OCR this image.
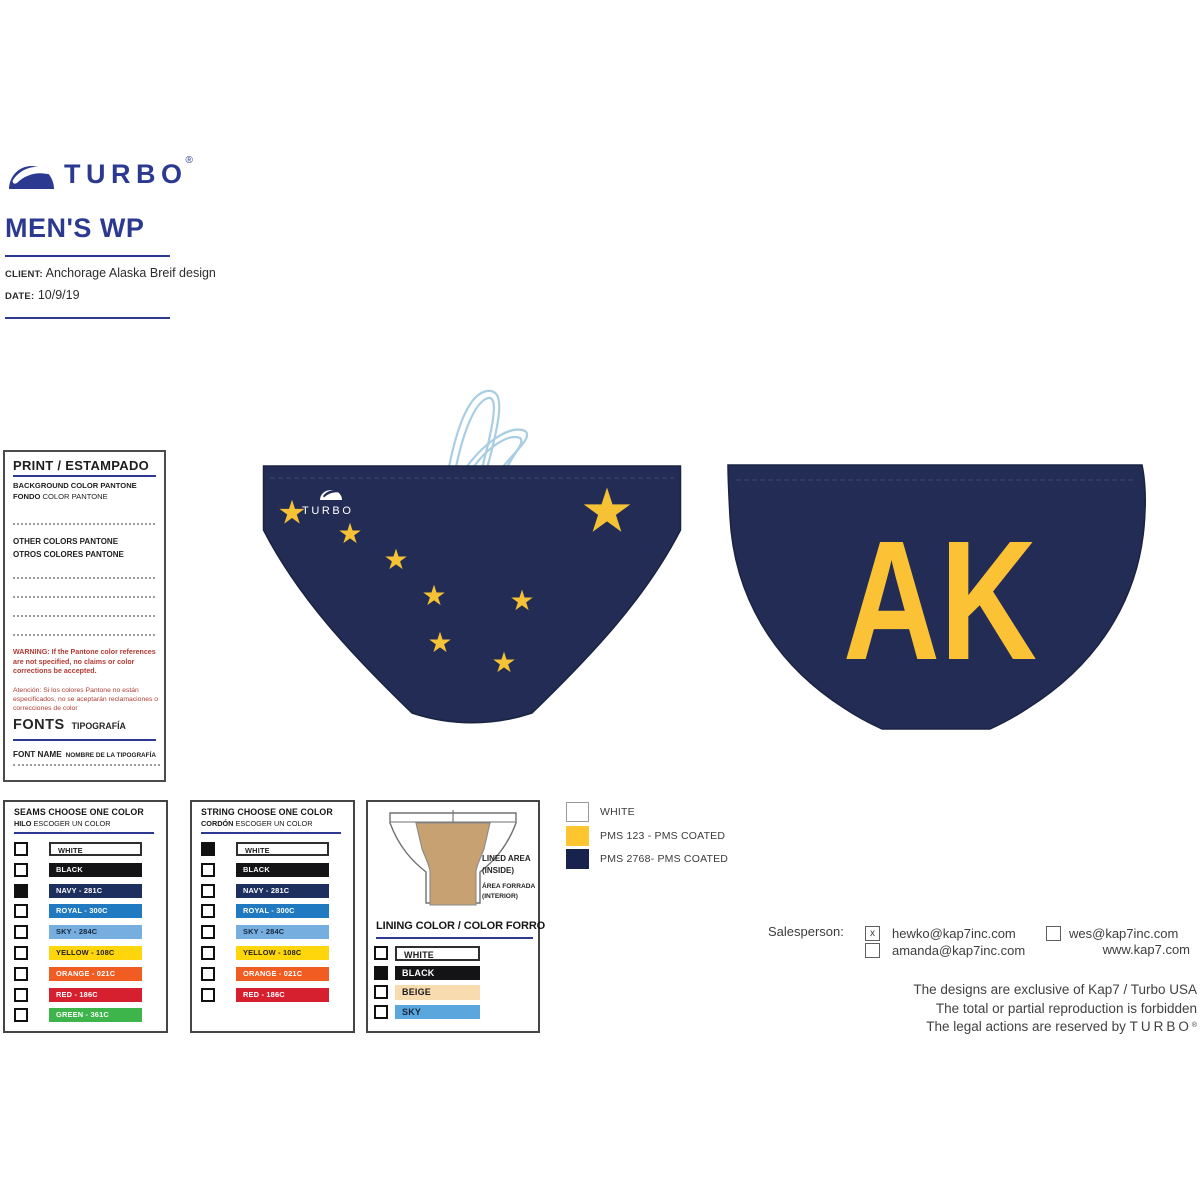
TURBO
®
MEN'S WP
CLIENT: Anchorage Alaska Breif design
DATE: 10/9/19
PRINT / ESTAMPADO
BACKGROUND COLOR PANTONE
FONDO COLOR PANTONE
OTHER COLORS PANTONE
OTROS COLORES PANTONE
WARNING: If the Pantone color references are not specified, no claims or color corrections be accepted.
Atención: Si los colores Pantone no están especificados, no se aceptarán reclamaciones o correcciones de color
FONTS TIPOGRAFÍA
FONT NAME NOMBRE DE LA TIPOGRAFÍA
TURBO	AK
SEAMS CHOOSE ONE COLOR
HILO ESCOGER UN COLOR
WHITE
BLACK
NAVY - 281C
ROYAL - 300C
SKY - 284C
YELLOW - 108C
ORANGE - 021C
RED - 186C
GREEN - 361C
STRING CHOOSE ONE COLOR
CORDÓN ESCOGER UN COLOR
WHITE
BLACK
NAVY - 281C
ROYAL - 300C
SKY - 284C
YELLOW - 108C
ORANGE - 021C
RED - 186C
LINED AREA
(INSIDE)
ÁREA FORRADA
(INTERIOR)
LINING COLOR / COLOR FORRO
WHITE
BLACK
BEIGE
SKY
WHITE
PMS 123 - PMS COATED
PMS 2768- PMS COATED
Salesperson:	x	hewko@kap7inc.com	wes@kap7inc.com
amanda@kap7inc.com	www.kap7.com
The designs are exclusive of Kap7 / Turbo USA
The total or partial reproduction is forbidden
The legal actions are reserved by TURBO®
